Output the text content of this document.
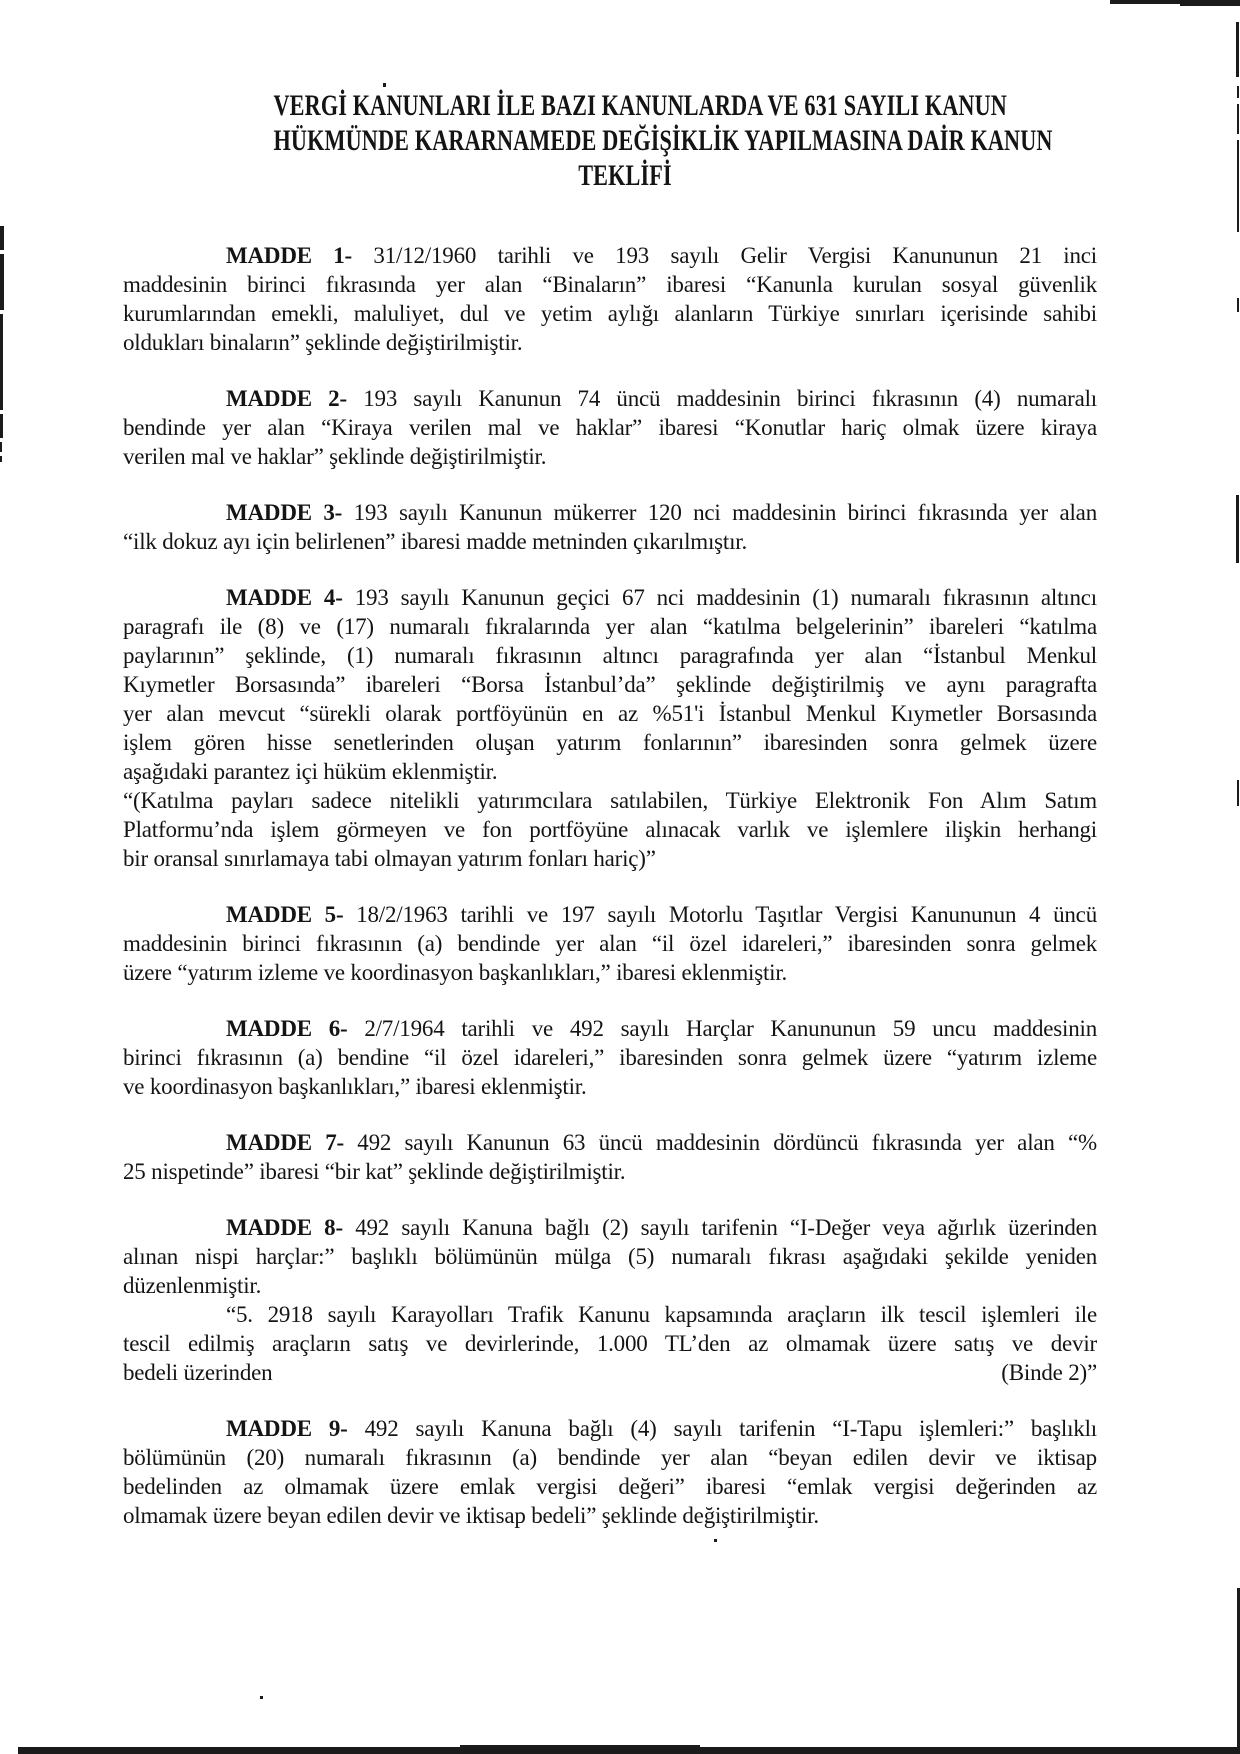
VERGİ KANUNLARI İLE BAZI KANUNLARDA VE 631 SAYILI KANUN
HÜKMÜNDE KARARNAMEDE DEĞİŞİKLİK YAPILMASINA DAİR KANUN
TEKLİFİ
MADDE 1- 31/12/1960 tarihli ve 193 sayılı Gelir Vergisi Kanununun 21 inci
maddesinin birinci fıkrasında yer alan “Binaların” ibaresi “Kanunla kurulan sosyal güvenlik
kurumlarından emekli, maluliyet, dul ve yetim aylığı alanların Türkiye sınırları içerisinde sahibi
oldukları binaların” şeklinde değiştirilmiştir.
MADDE 2- 193 sayılı Kanunun 74 üncü maddesinin birinci fıkrasının (4) numaralı
bendinde yer alan “Kiraya verilen mal ve haklar” ibaresi “Konutlar hariç olmak üzere kiraya
verilen mal ve haklar” şeklinde değiştirilmiştir.
MADDE 3- 193 sayılı Kanunun mükerrer 120 nci maddesinin birinci fıkrasında yer alan
“ilk dokuz ayı için belirlenen” ibaresi madde metninden çıkarılmıştır.
MADDE 4- 193 sayılı Kanunun geçici 67 nci maddesinin (1) numaralı fıkrasının altıncı
paragrafı ile (8) ve (17) numaralı fıkralarında yer alan “katılma belgelerinin” ibareleri “katılma
paylarının” şeklinde, (1) numaralı fıkrasının altıncı paragrafında yer alan “İstanbul Menkul
Kıymetler Borsasında” ibareleri “Borsa İstanbul’da” şeklinde değiştirilmiş ve aynı paragrafta
yer alan mevcut “sürekli olarak portföyünün en az %51'i İstanbul Menkul Kıymetler Borsasında
işlem gören hisse senetlerinden oluşan yatırım fonlarının” ibaresinden sonra gelmek üzere
aşağıdaki parantez içi hüküm eklenmiştir.
“(Katılma payları sadece nitelikli yatırımcılara satılabilen, Türkiye Elektronik Fon Alım Satım
Platformu’nda işlem görmeyen ve fon portföyüne alınacak varlık ve işlemlere ilişkin herhangi
bir oransal sınırlamaya tabi olmayan yatırım fonları hariç)”
MADDE 5- 18/2/1963 tarihli ve 197 sayılı Motorlu Taşıtlar Vergisi Kanununun 4 üncü
maddesinin birinci fıkrasının (a) bendinde yer alan “il özel idareleri,” ibaresinden sonra gelmek
üzere “yatırım izleme ve koordinasyon başkanlıkları,” ibaresi eklenmiştir.
MADDE 6- 2/7/1964 tarihli ve 492 sayılı Harçlar Kanununun 59 uncu maddesinin
birinci fıkrasının (a) bendine “il özel idareleri,” ibaresinden sonra gelmek üzere “yatırım izleme
ve koordinasyon başkanlıkları,” ibaresi eklenmiştir.
MADDE 7- 492 sayılı Kanunun 63 üncü maddesinin dördüncü fıkrasında yer alan “%
25 nispetinde” ibaresi “bir kat” şeklinde değiştirilmiştir.
MADDE 8- 492 sayılı Kanuna bağlı (2) sayılı tarifenin “I-Değer veya ağırlık üzerinden
alınan nispi harçlar:” başlıklı bölümünün mülga (5) numaralı fıkrası aşağıdaki şekilde yeniden
düzenlenmiştir.
“5. 2918 sayılı Karayolları Trafik Kanunu kapsamında araçların ilk tescil işlemleri ile
tescil edilmiş araçların satış ve devirlerinde, 1.000 TL’den az olmamak üzere satış ve devir
bedeli üzerinden	(Binde 2)”
MADDE 9- 492 sayılı Kanuna bağlı (4) sayılı tarifenin “I-Tapu işlemleri:” başlıklı
bölümünün (20) numaralı fıkrasının (a) bendinde yer alan “beyan edilen devir ve iktisap
bedelinden az olmamak üzere emlak vergisi değeri” ibaresi “emlak vergisi değerinden az
olmamak üzere beyan edilen devir ve iktisap bedeli” şeklinde değiştirilmiştir.
